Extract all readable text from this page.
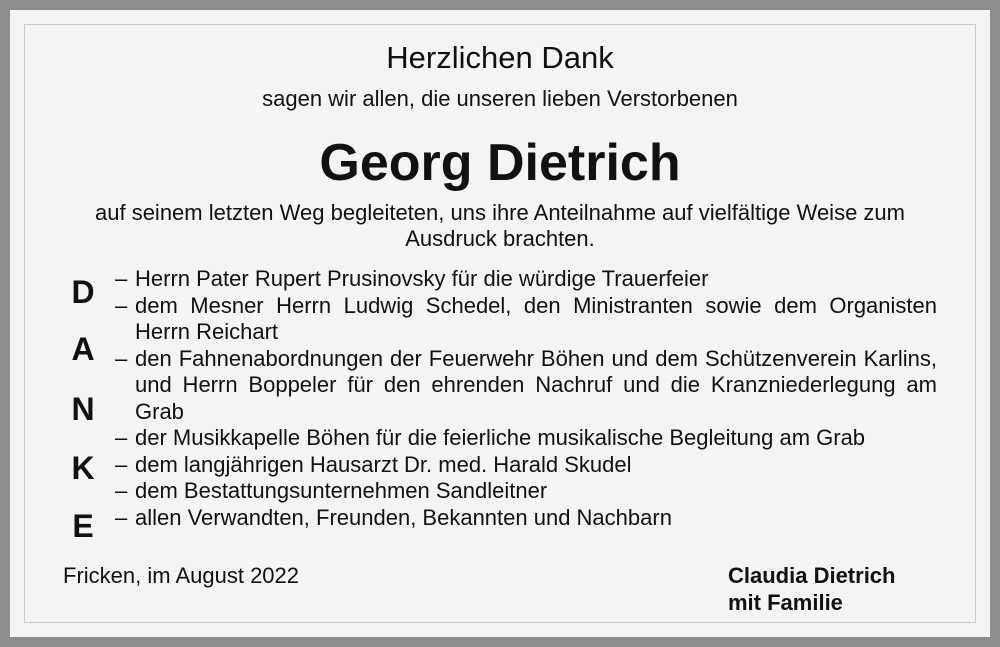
Herzlichen Dank
sagen wir allen, die unseren lieben Verstorbenen
Georg Dietrich
auf seinem letzten Weg begleiteten, uns ihre Anteilnahme auf vielfältige Weise zum Ausdruck brachten.
D
A
N
K
E
– Herrn Pater Rupert Prusinovsky für die würdige Trauerfeier
– dem Mesner Herrn Ludwig Schedel, den Ministranten sowie dem Organisten Herrn Reichart
– den Fahnenabordnungen der Feuerwehr Böhen und dem Schützenverein Karlins, und Herrn Boppeler für den ehrenden Nachruf und die Kranzniederlegung am Grab
– der Musikkapelle Böhen für die feierliche musikalische Begleitung am Grab
– dem langjährigen Hausarzt Dr. med. Harald Skudel
– dem Bestattungsunternehmen Sandleitner
– allen Verwandten, Freunden, Bekannten und Nachbarn
Fricken, im August 2022	Claudia Dietrich
mit Familie
